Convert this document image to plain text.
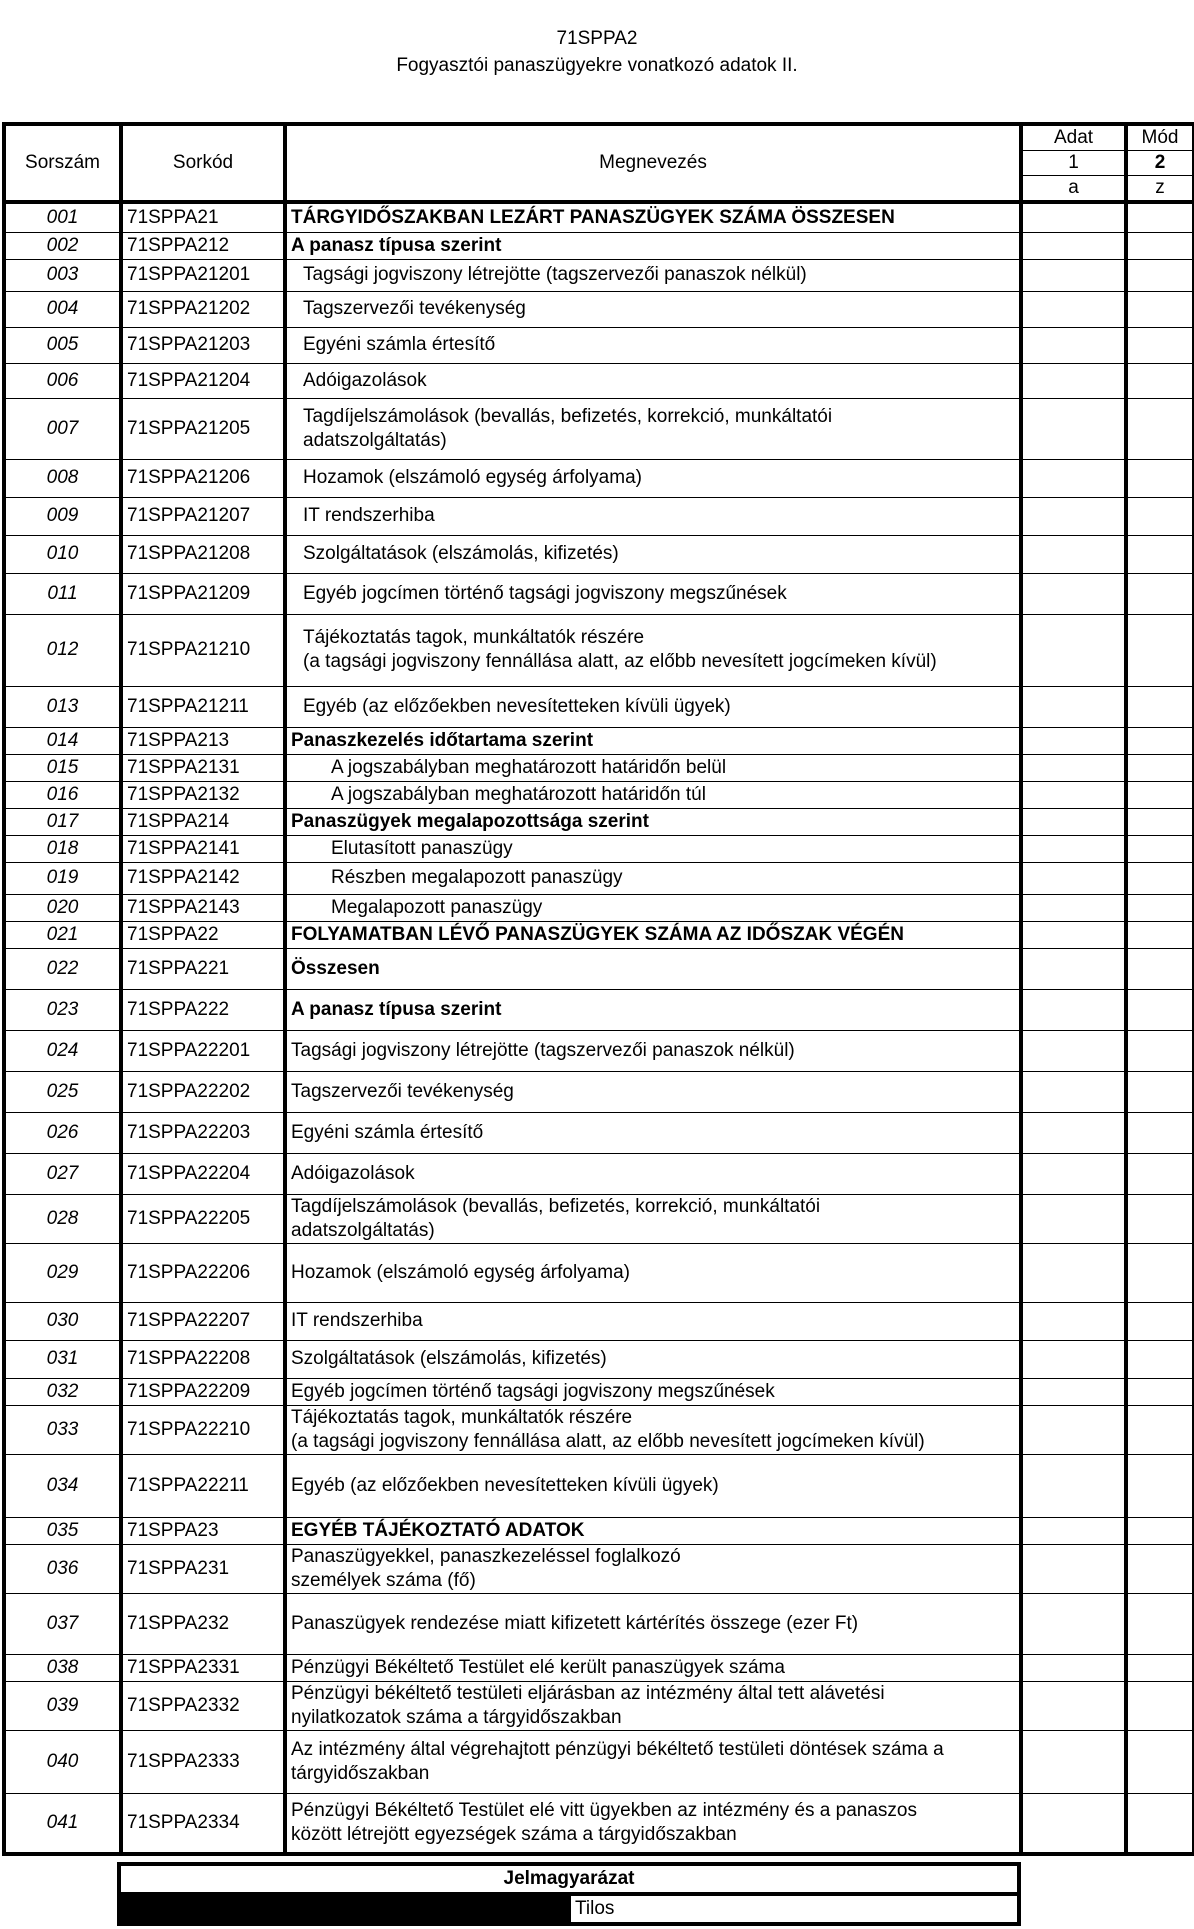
71SPPA2
Fogyasztói panaszügyekre vonatkozó adatok II.
Sorszám	Sorkód	Megnevezés	Adat	Mód
			1	2
			a	z
001	71SPPA21	TÁRGYIDŐSZAKBAN LEZÁRT PANASZÜGYEK SZÁMA ÖSSZESEN		

002	71SPPA212	A panasz típusa szerint		

003	71SPPA21201	Tagsági jogviszony létrejötte (tagszervezői panaszok nélkül)		

004	71SPPA21202	Tagszervezői tevékenység		

005	71SPPA21203	Egyéni számla értesítő		

006	71SPPA21204	Adóigazolások		

007	71SPPA21205	Tagdíjelszámolások (bevallás, befizetés, korrekció, munkáltatói
adatszolgáltatás)		

008	71SPPA21206	Hozamok (elszámoló egység árfolyama)		

009	71SPPA21207	IT rendszerhiba		

010	71SPPA21208	Szolgáltatások (elszámolás, kifizetés)		

011	71SPPA21209	Egyéb jogcímen történő tagsági jogviszony megszűnések		

012	71SPPA21210	Tájékoztatás tagok, munkáltatók részére
(a tagsági jogviszony fennállása alatt, az előbb nevesített jogcímeken kívül)		

013	71SPPA21211	Egyéb (az előzőekben nevesítetteken kívüli ügyek)		

014	71SPPA213	Panaszkezelés időtartama szerint		

015	71SPPA2131	A jogszabályban meghatározott határidőn belül		

016	71SPPA2132	A jogszabályban meghatározott határidőn túl		

017	71SPPA214	Panaszügyek megalapozottsága szerint		

018	71SPPA2141	Elutasított panaszügy		

019	71SPPA2142	Részben megalapozott panaszügy		

020	71SPPA2143	Megalapozott panaszügy		

021	71SPPA22	FOLYAMATBAN LÉVŐ PANASZÜGYEK SZÁMA AZ IDŐSZAK VÉGÉN		

022	71SPPA221	Összesen		

023	71SPPA222	A panasz típusa szerint		

024	71SPPA22201	Tagsági jogviszony létrejötte (tagszervezői panaszok nélkül)		

025	71SPPA22202	Tagszervezői tevékenység		

026	71SPPA22203	Egyéni számla értesítő		

027	71SPPA22204	Adóigazolások		

028	71SPPA22205	Tagdíjelszámolások (bevallás, befizetés, korrekció, munkáltatói
adatszolgáltatás)		

029	71SPPA22206	Hozamok (elszámoló egység árfolyama)		

030	71SPPA22207	IT rendszerhiba		

031	71SPPA22208	Szolgáltatások (elszámolás, kifizetés)		

032	71SPPA22209	Egyéb jogcímen történő tagsági jogviszony megszűnések		

033	71SPPA22210	Tájékoztatás tagok, munkáltatók részére
(a tagsági jogviszony fennállása alatt, az előbb nevesített jogcímeken kívül)		

034	71SPPA22211	Egyéb (az előzőekben nevesítetteken kívüli ügyek)		

035	71SPPA23	EGYÉB TÁJÉKOZTATÓ ADATOK		

036	71SPPA231	Panaszügyekkel, panaszkezeléssel foglalkozó
személyek száma (fő)		

037	71SPPA232	Panaszügyek rendezése miatt kifizetett kártérítés összege (ezer Ft)		

038	71SPPA2331	Pénzügyi Békéltető Testület elé került panaszügyek száma		

039	71SPPA2332	Pénzügyi békéltető testületi eljárásban az intézmény által tett alávetési
nyilatkozatok száma a tárgyidőszakban		

040	71SPPA2333	Az intézmény által végrehajtott pénzügyi békéltető testületi döntések száma a
tárgyidőszakban		

041	71SPPA2334	Pénzügyi Békéltető Testület elé vitt ügyekben az intézmény és a panaszos
között létrejött egyezségek száma a tárgyidőszakban		

Jelmagyarázat
	Tilos
